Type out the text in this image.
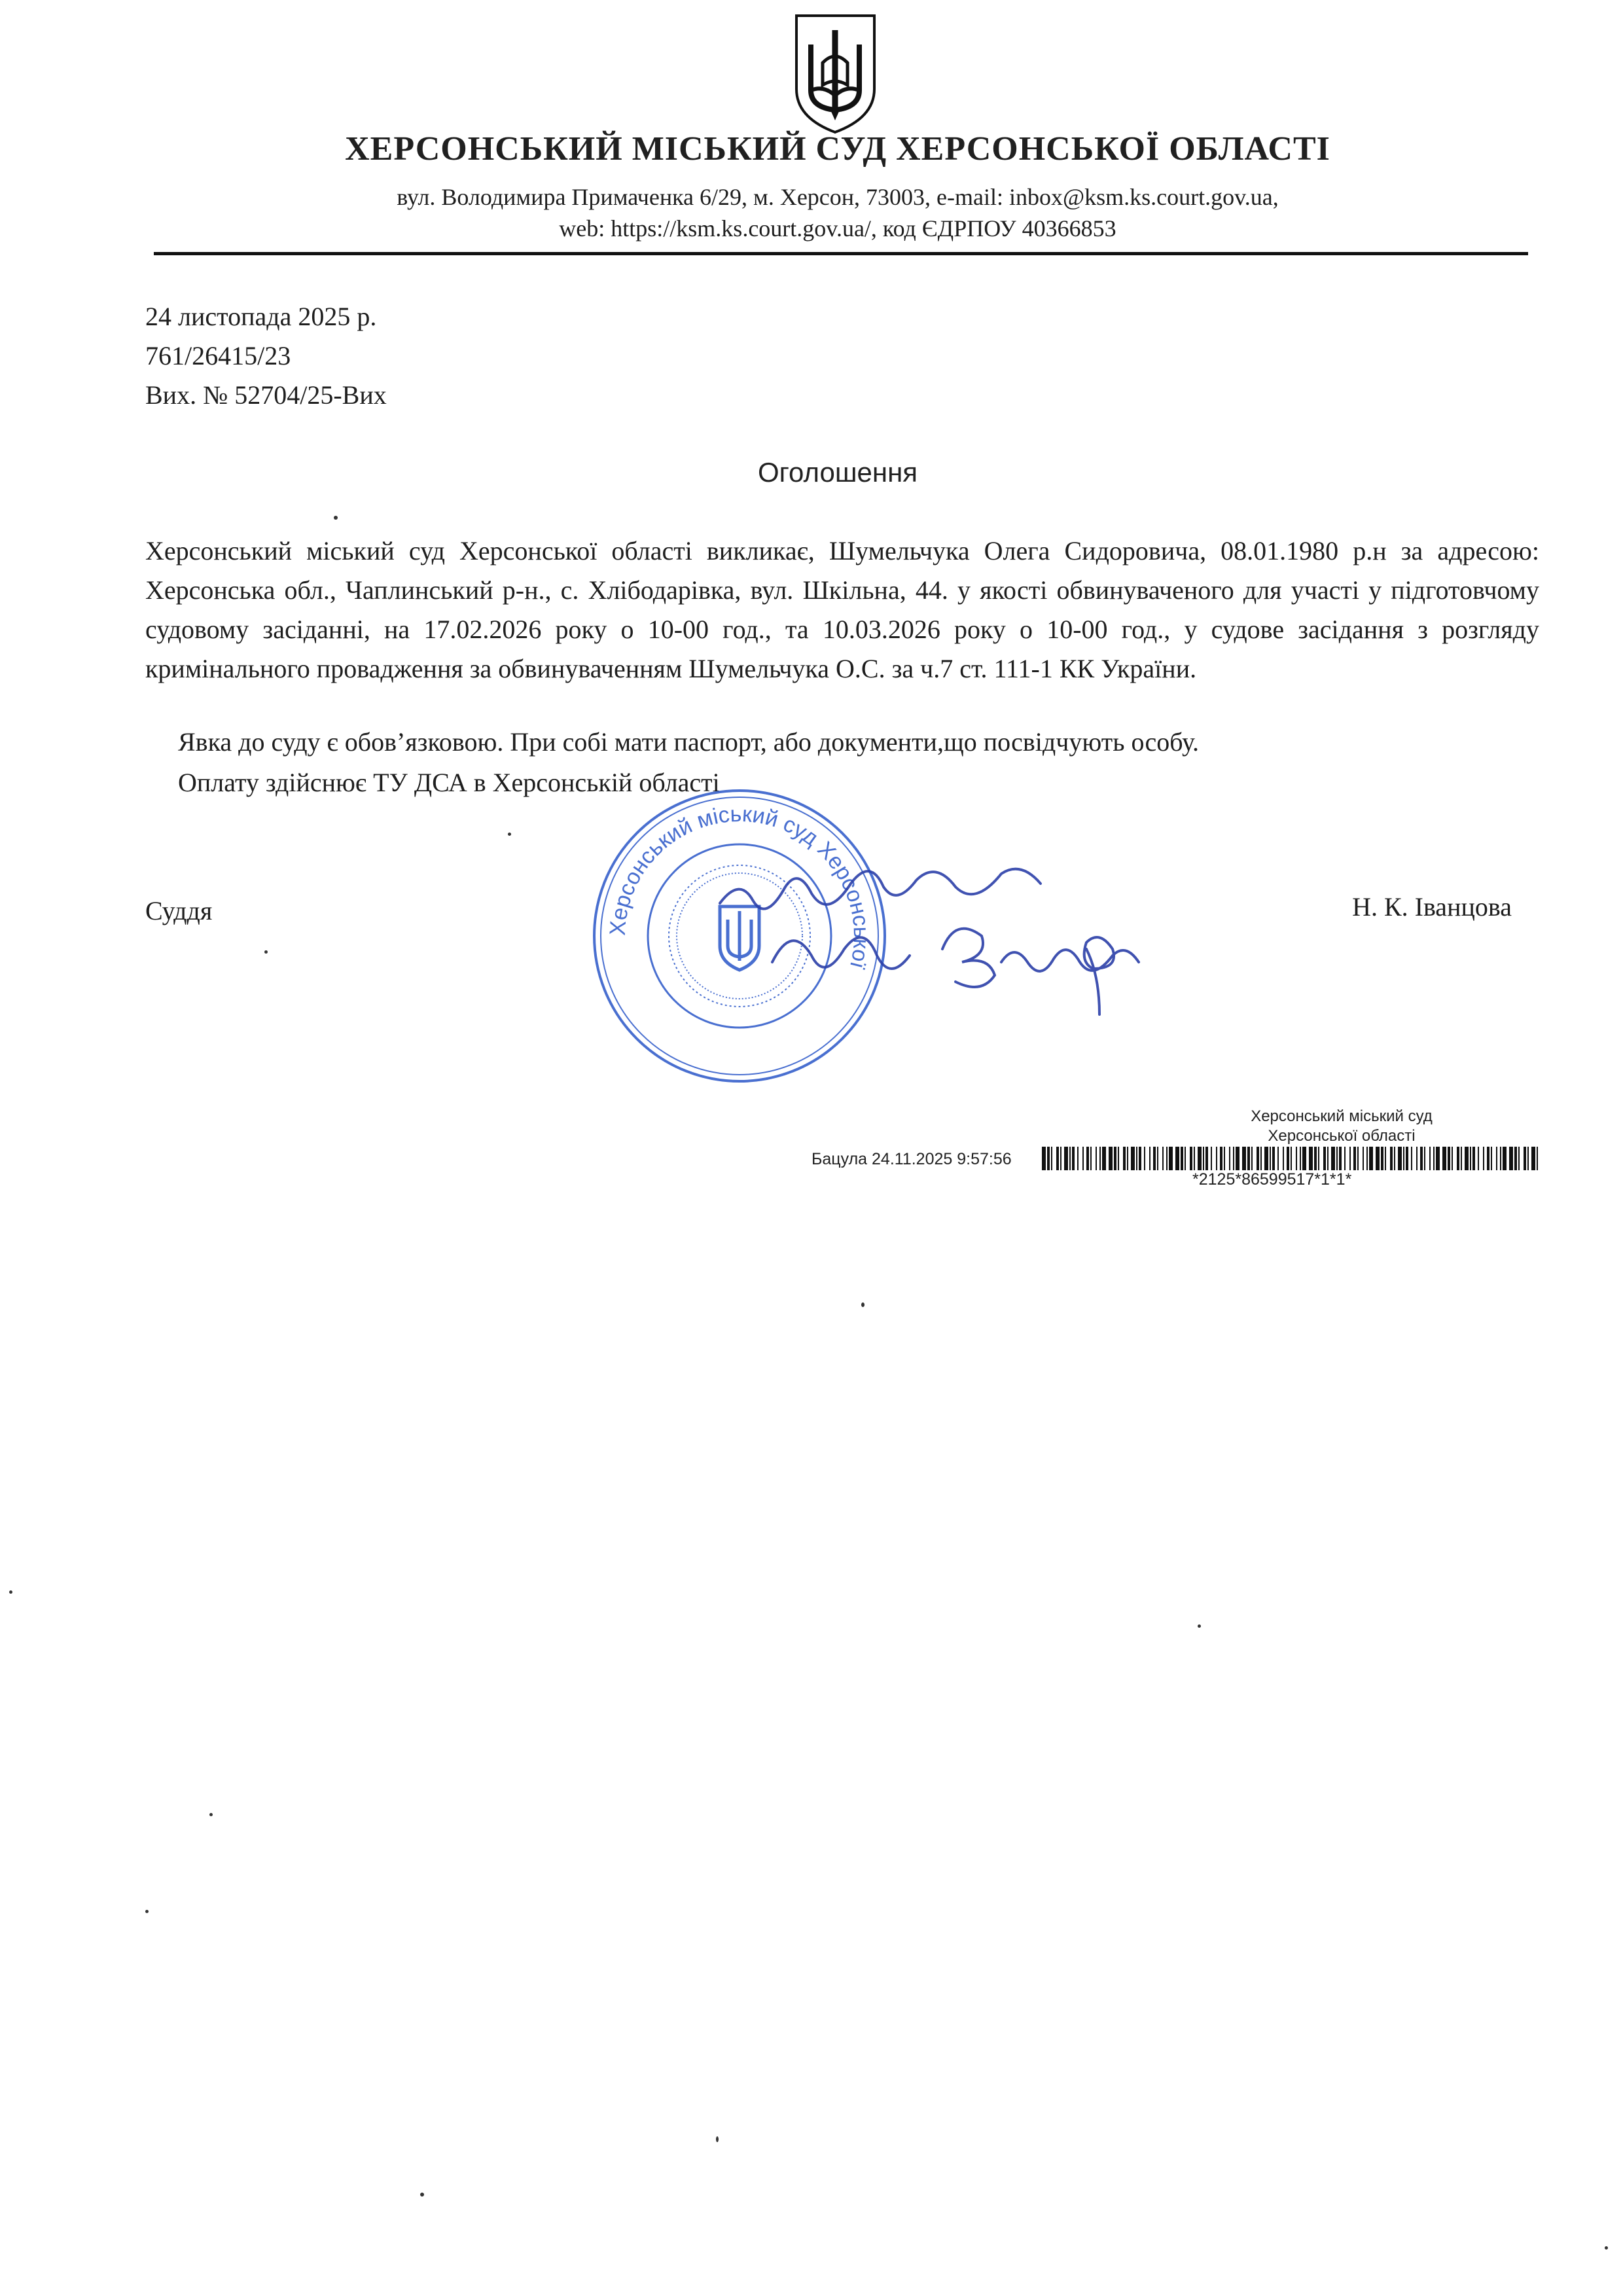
ХЕРСОНСЬКИЙ МІСЬКИЙ СУД ХЕРСОНСЬКОЇ ОБЛАСТІ
вул. Володимира Примаченка 6/29, м. Херсон, 73003, e-mail: inbox@ksm.ks.court.gov.ua,
web: https://ksm.ks.court.gov.ua/, код ЄДРПОУ 40366853
24 листопада 2025 р.
761/26415/23
Вих. № 52704/25-Вих
Оголошення
Херсонський міський суд Херсонської області викликає, Шумельчука Олега Сидоровича, 08.01.1980 р.н за адресою: Херсонська обл., Чаплинський р-н., с. Хлібодарівка, вул. Шкільна, 44. у якості обвинуваченого для участі у підготовчому судовому засіданні, на 17.02.2026 року о 10-00 год., та 10.03.2026 року о 10-00 год., у судове засідання з розгляду кримінального провадження за обвинуваченням Шумельчука О.С. за ч.7 ст. 111-1 КК України.
Явка до суду є обов’язковою. При собі мати паспорт, або документи,що посвідчують особу.
Оплату здійснює ТУ ДСА в Херсонській області
Суддя	Н. К. Іванцова
Херсонський міський суд Херсонської
Херсонський міський суд
Херсонської області
Бацула 24.11.2025 9:57:56
*2125*86599517*1*1*
